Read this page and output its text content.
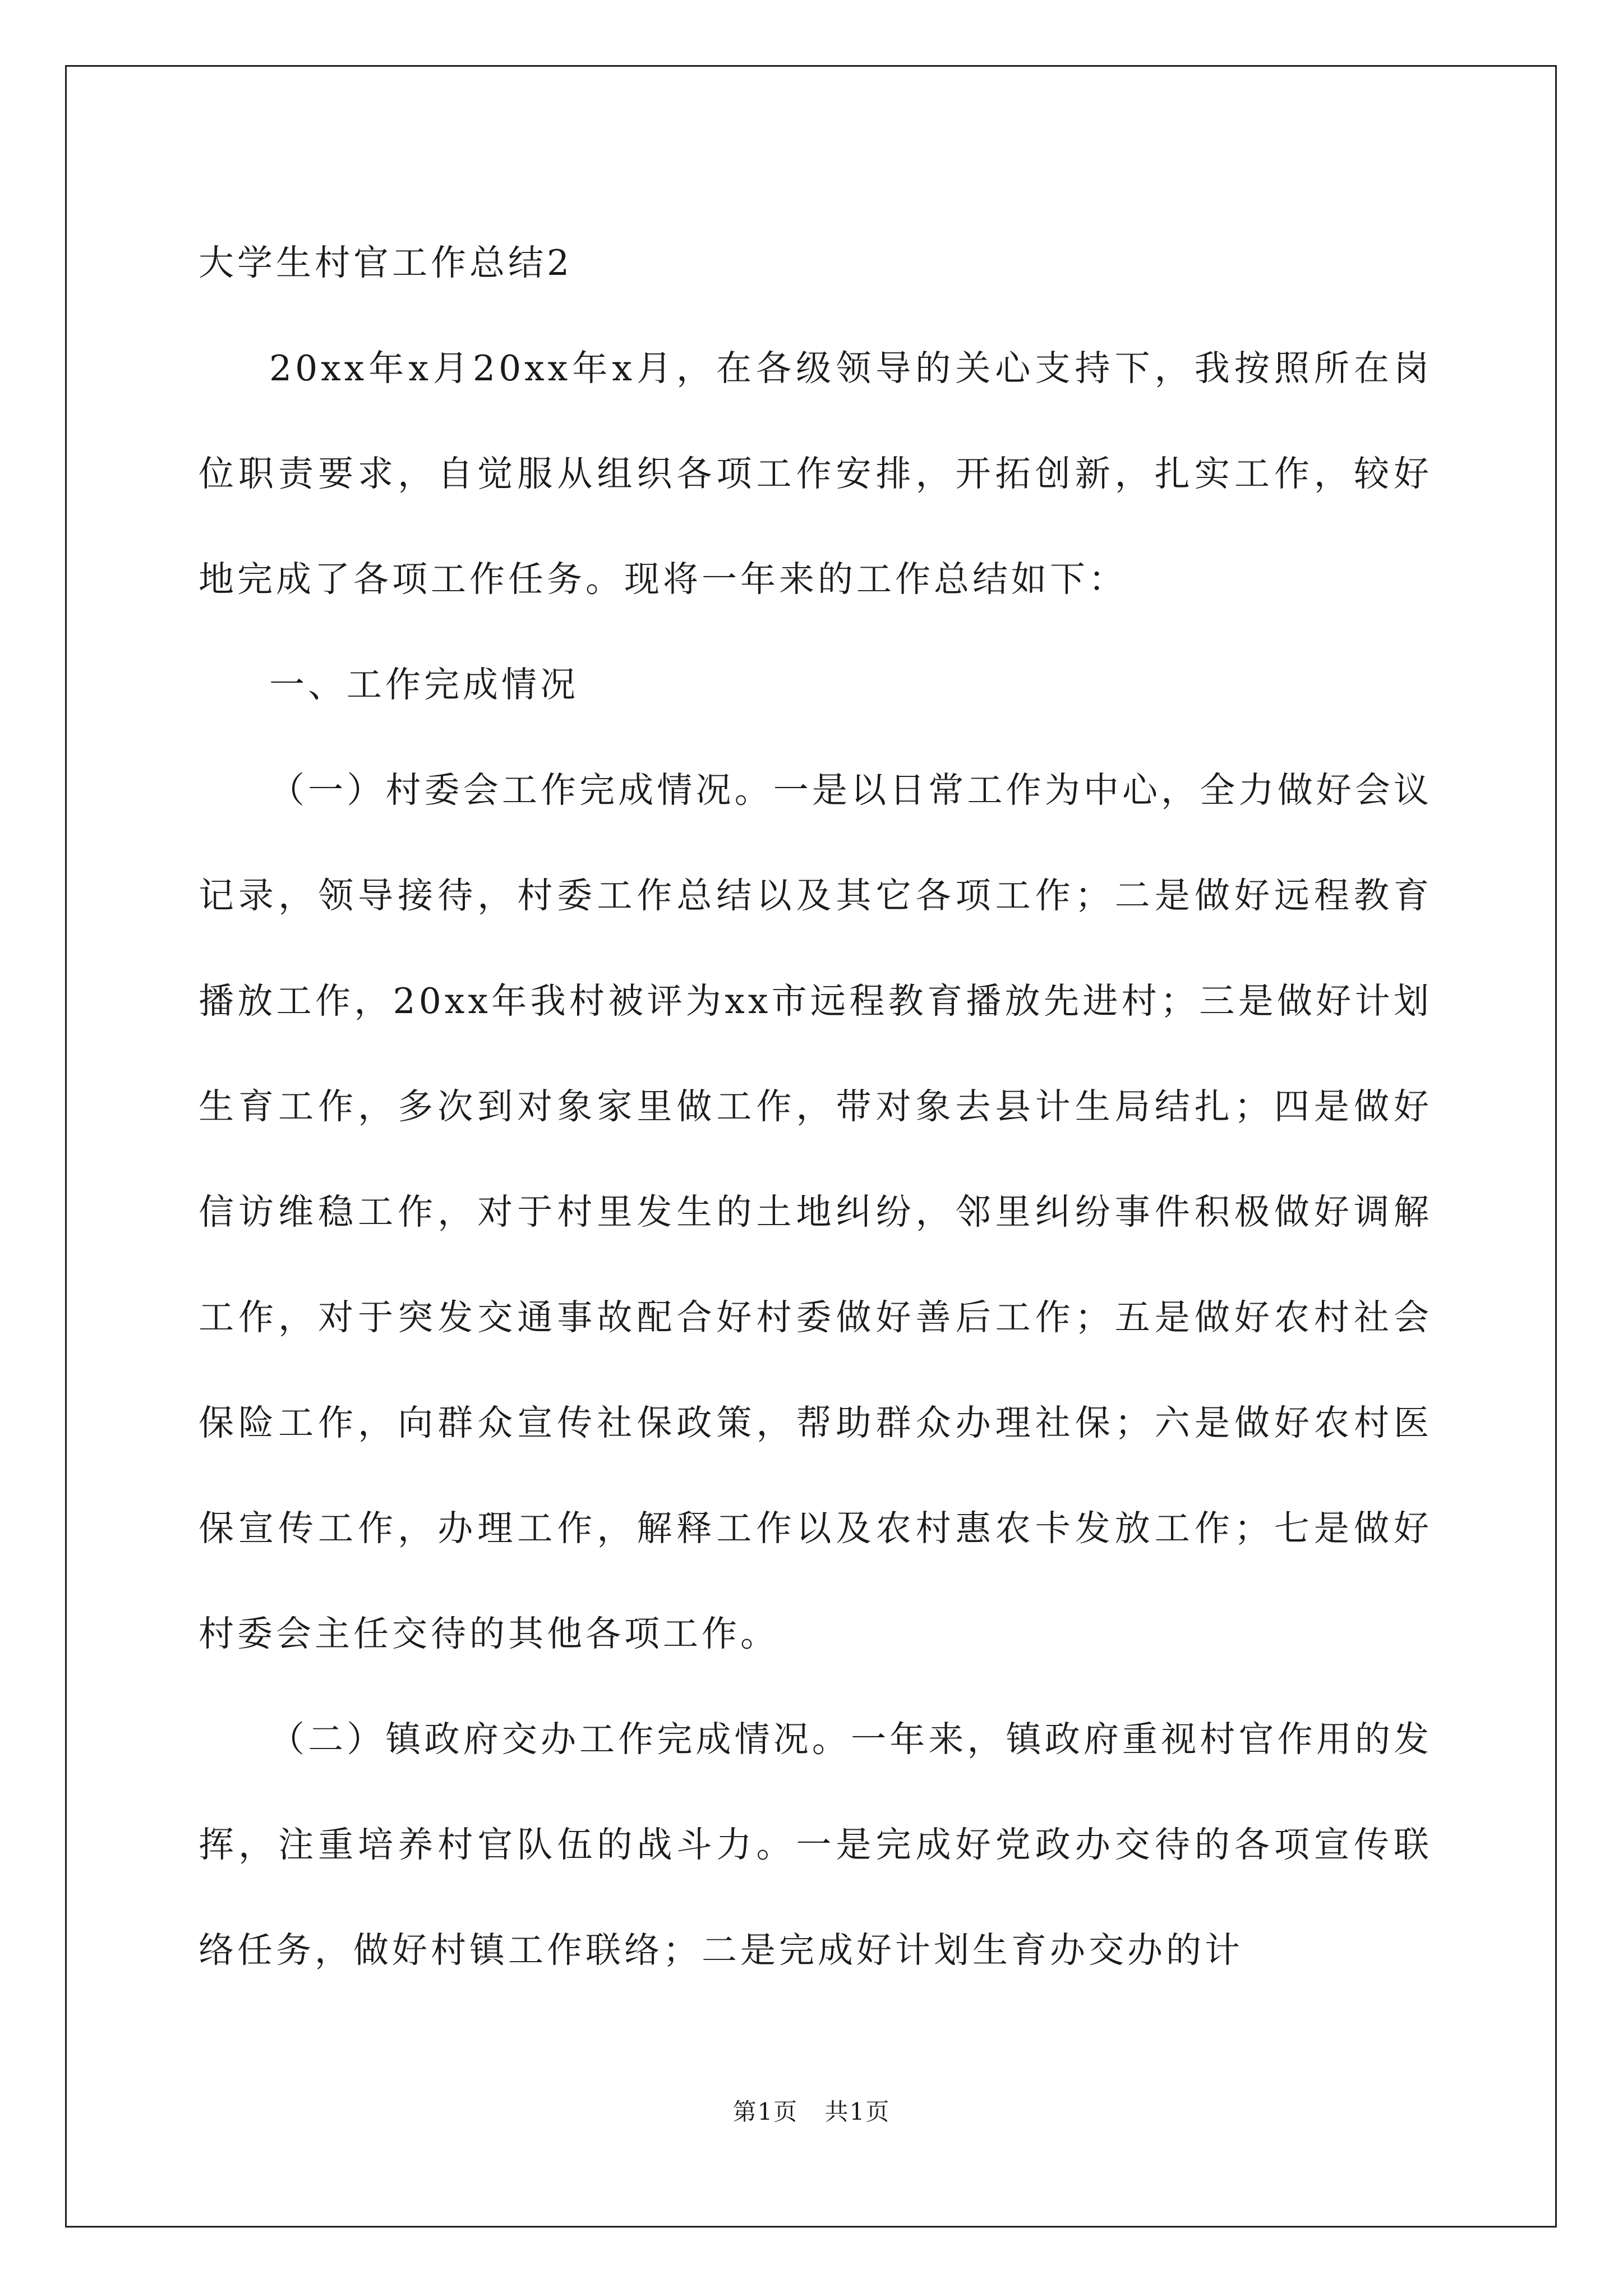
大学生村官工作总结2

20xx年x月20xx年x月，在各级领导的关心支持下，我按照所在岗位职责要求，自觉服从组织各项工作安排，开拓创新，扎实工作，较好地完成了各项工作任务。现将一年来的工作总结如下：

一、工作完成情况

（一）村委会工作完成情况。一是以日常工作为中心，全力做好会议记录，领导接待，村委工作总结以及其它各项工作；二是做好远程教育播放工作，20xx年我村被评为xx市远程教育播放先进村；三是做好计划生育工作，多次到对象家里做工作，带对象去县计生局结扎；四是做好信访维稳工作，对于村里发生的土地纠纷，邻里纠纷事件积极做好调解工作，对于突发交通事故配合好村委做好善后工作；五是做好农村社会保险工作，向群众宣传社保政策，帮助群众办理社保；六是做好农村医保宣传工作，办理工作，解释工作以及农村惠农卡发放工作；七是做好村委会主任交待的其他各项工作。

（二）镇政府交办工作完成情况。一年来，镇政府重视村官作用的发挥，注重培养村官队伍的战斗力。一是完成好党政办交待的各项宣传联络任务，做好村镇工作联络；二是完成好计划生育办交办的计

第1页 共1页
